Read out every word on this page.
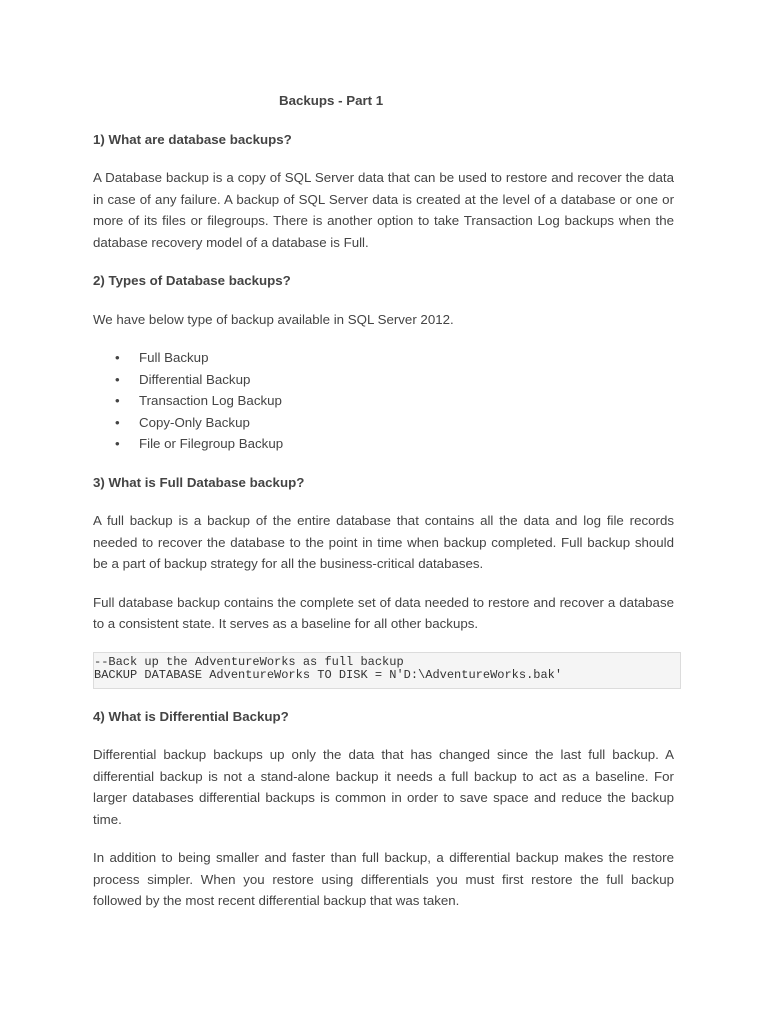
Backups - Part 1
1) What are database backups?

A Database backup is a copy of SQL Server data that can be used to restore and recover the data in case of any failure. A backup of SQL Server data is created at the level of a database or one or more of its files or filegroups. There is another option to take Transaction Log backups when the database recovery model of a database is Full.

2) Types of Database backups?

We have below type of backup available in SQL Server 2012.

• Full Backup
• Differential Backup
• Transaction Log Backup
• Copy-Only Backup
• File or Filegroup Backup
3) What is Full Database backup?

A full backup is a backup of the entire database that contains all the data and log file records needed to recover the database to the point in time when backup completed. Full backup should be a part of backup strategy for all the business-critical databases.

Full database backup contains the complete set of data needed to restore and recover a database to a consistent state. It serves as a baseline for all other backups.

--Back up the AdventureWorks as full backup
BACKUP DATABASE AdventureWorks TO DISK = N'D:\AdventureWorks.bak'
4) What is Differential Backup?

Differential backup backups up only the data that has changed since the last full backup. A differential backup is not a stand-alone backup it needs a full backup to act as a baseline. For larger databases differential backups is common in order to save space and reduce the backup time.

In addition to being smaller and faster than full backup, a differential backup makes the restore process simpler. When you restore using differentials you must first restore the full backup followed by the most recent differential backup that was taken.
